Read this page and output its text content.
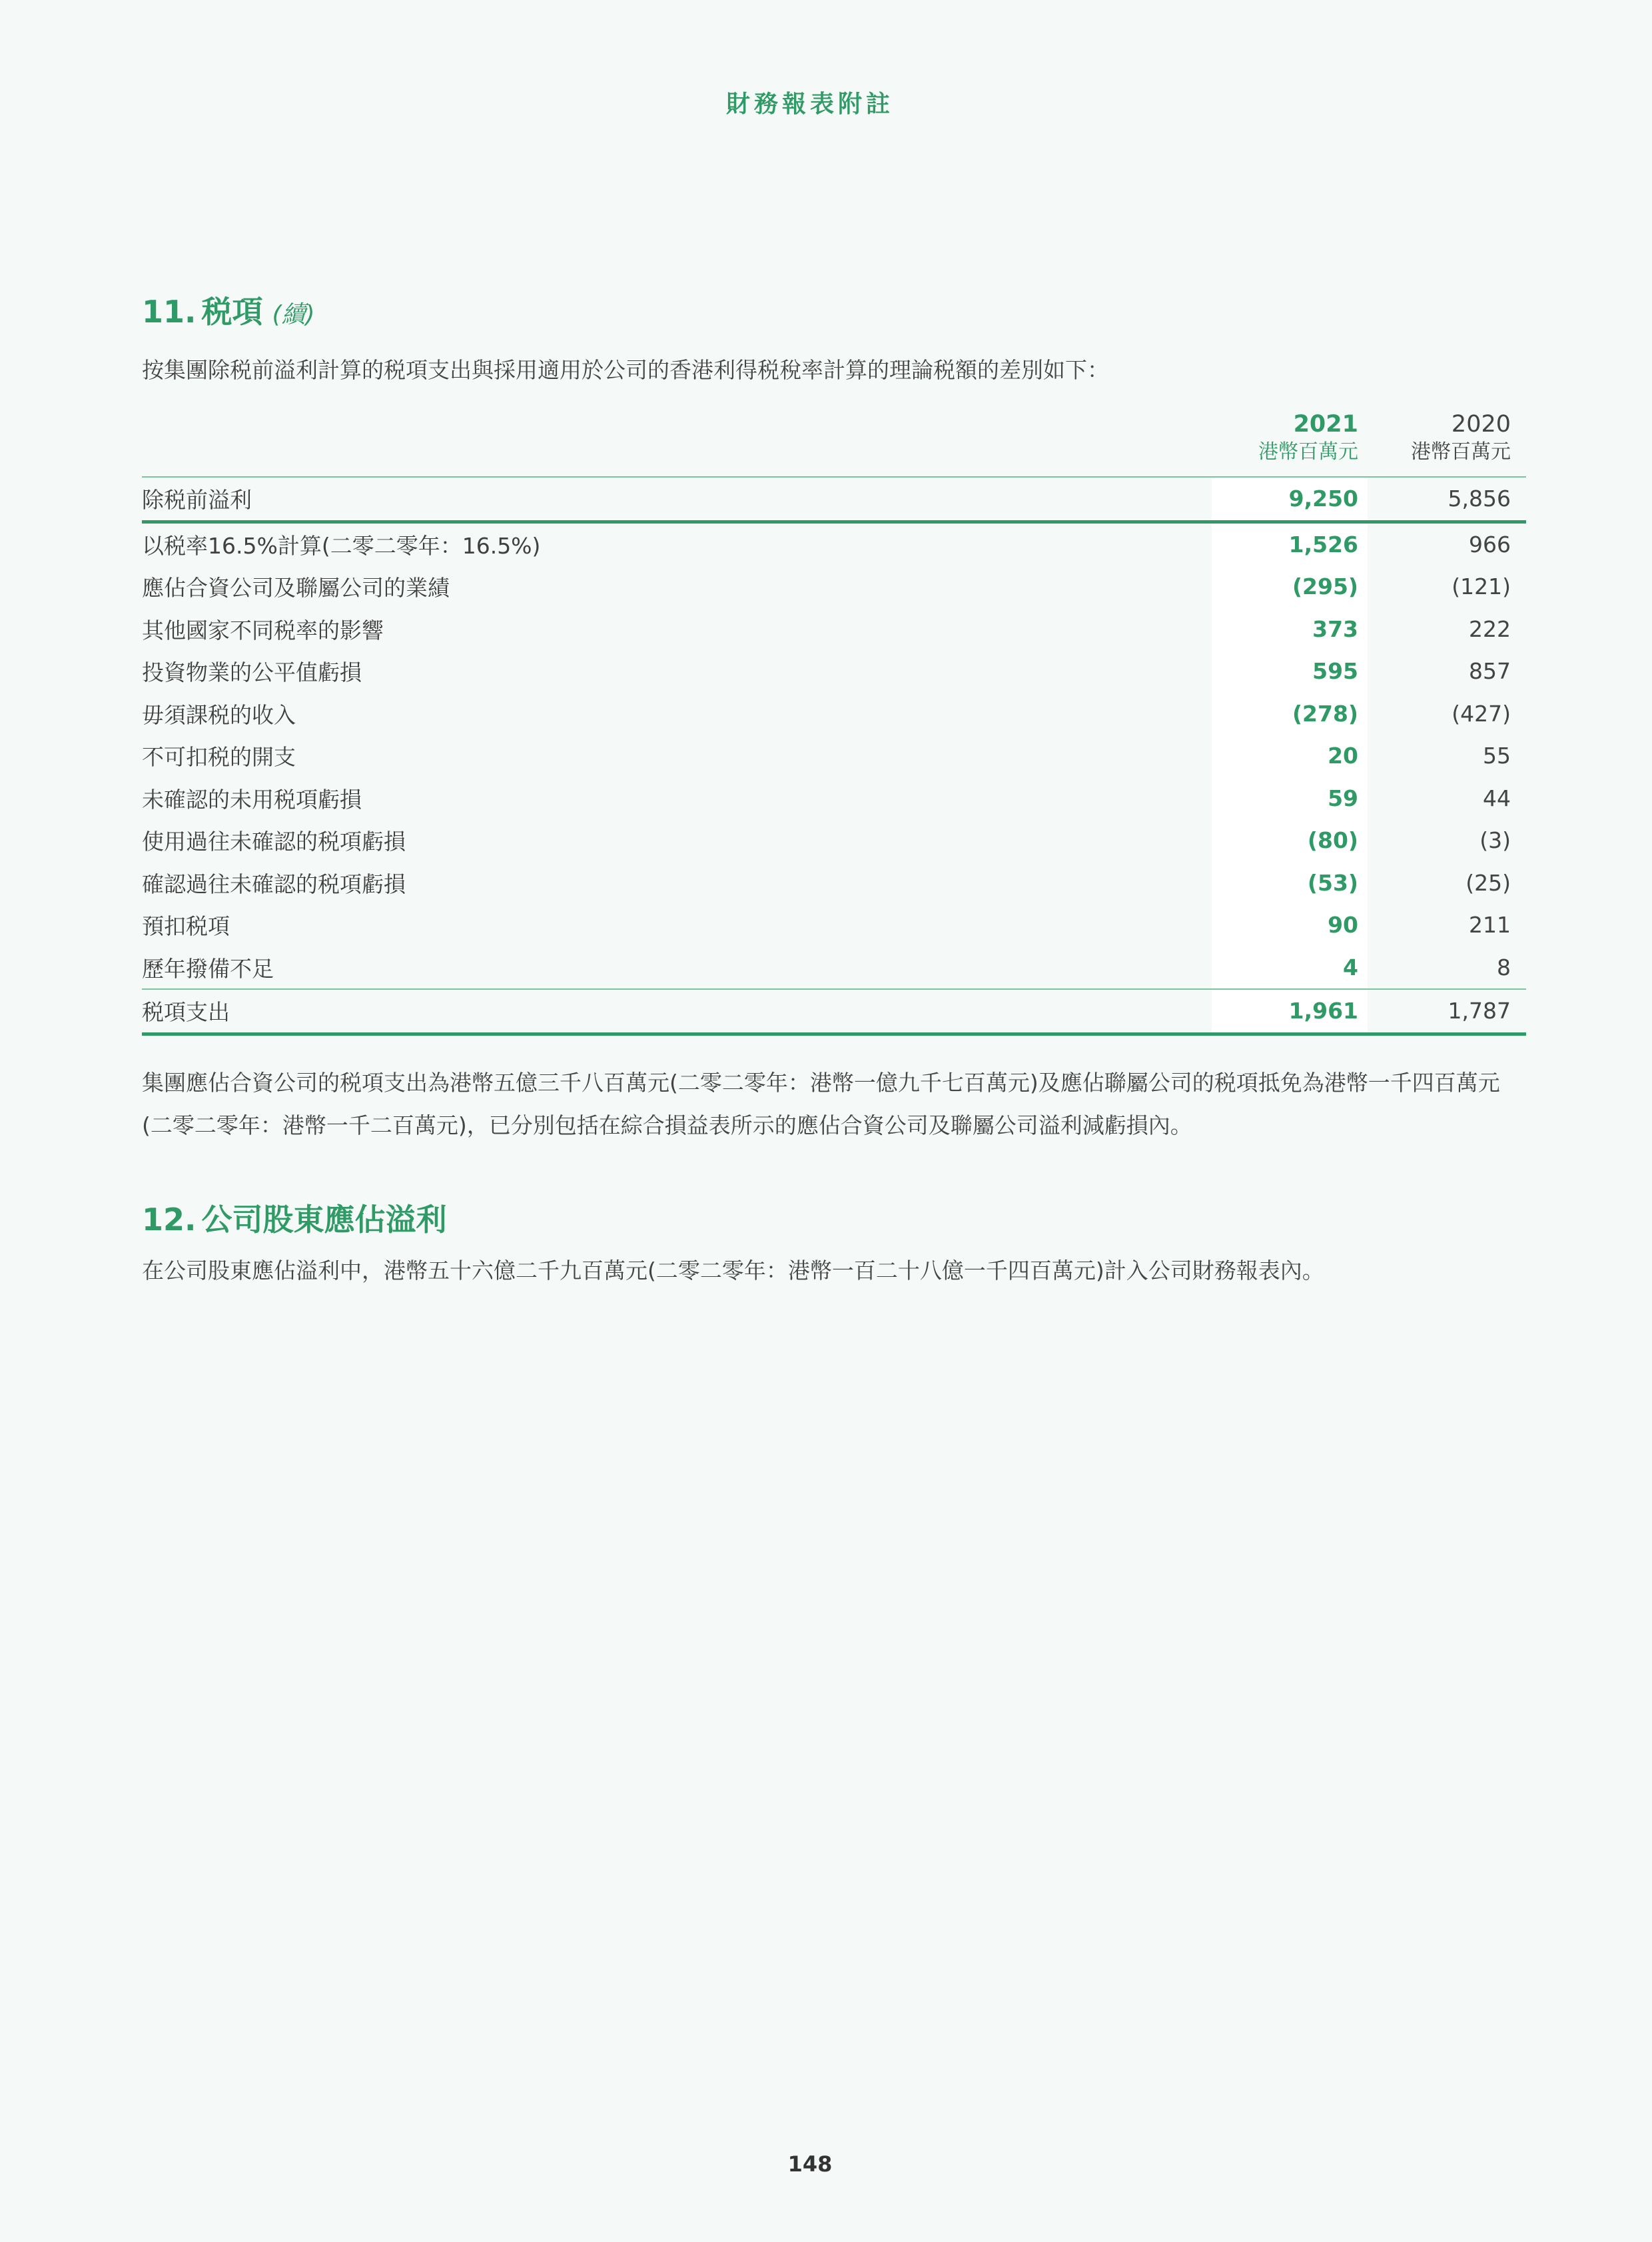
財務報表附註
11. 税項 (續)
按集團除税前溢利計算的税項支出與採用適用於公司的香港利得税稅率計算的理論税額的差別如下：
2021
港幣百萬元
2020
港幣百萬元
除税前溢利	9,250	5,856
以税率16.5%計算(二零二零年：16.5%)	1,526	966
應佔合資公司及聯屬公司的業績	(295)	(121)
其他國家不同税率的影響	373	222
投資物業的公平值虧損	595	857
毋須課税的收入	(278)	(427)
不可扣税的開支	20	55
未確認的未用税項虧損	59	44
使用過往未確認的税項虧損	(80)	(3)
確認過往未確認的税項虧損	(53)	(25)
預扣税項	90	211
歷年撥備不足	4	8
税項支出	1,961	1,787
集團應佔合資公司的税項支出為港幣五億三千八百萬元(二零二零年：港幣一億九千七百萬元)及應佔聯屬公司的税項抵免為港幣一千四百萬元(二零二零年：港幣一千二百萬元)，已分別包括在綜合損益表所示的應佔合資公司及聯屬公司溢利減虧損內。
12. 公司股東應佔溢利
在公司股東應佔溢利中，港幣五十六億二千九百萬元(二零二零年：港幣一百二十八億一千四百萬元)計入公司財務報表內。
148
